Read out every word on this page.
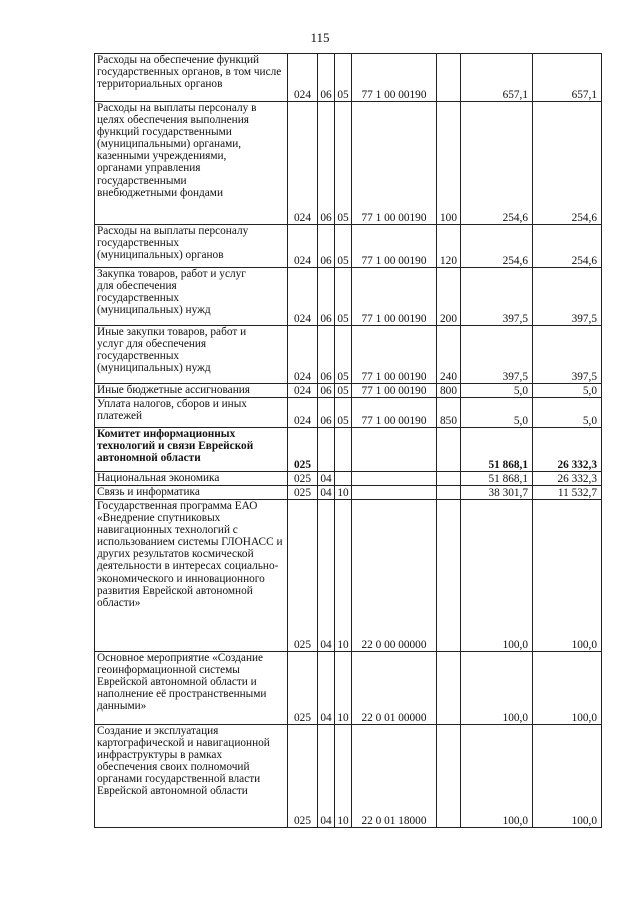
115
Расходы на обеспечение функций государственных органов, в том числе территориальных органов	024	06	05	77 1 00 00190		657,1	657,1

Расходы на выплаты персоналу в целях обеспечения выполнения функций государственными (муниципальными) органами, казенными учреждениями, органами управления государственными внебюджетными фондами	024	06	05	77 1 00 00190	100	254,6	254,6

Расходы на выплаты персоналу государственных (муниципальных) органов	024	06	05	77 1 00 00190	120	254,6	254,6

Закупка товаров, работ и услуг для обеспечения государственных (муниципальных) нужд	024	06	05	77 1 00 00190	200	397,5	397,5

Иные закупки товаров, работ и услуг для обеспечения государственных (муниципальных) нужд	024	06	05	77 1 00 00190	240	397,5	397,5

Иные бюджетные ассигнования	024	06	05	77 1 00 00190	800	5,0	5,0

Уплата налогов, сборов и иных платежей	024	06	05	77 1 00 00190	850	5,0	5,0

Комитет информационных технологий и связи Еврейской автономной области	025					51 868,1	26 332,3

Национальная экономика	025	04				51 868,1	26 332,3

Связь и информатика	025	04	10			38 301,7	11 532,7

Государственная программа ЕАО «Внедрение спутниковых навигационных технологий с использованием системы ГЛОНАСС и других результатов космической деятельности в интересах социально-экономического и инновационного развития Еврейской автономной области»	025	04	10	22 0 00 00000		100,0	100,0

Основное мероприятие «Создание геоинформационной системы Еврейской автономной области и наполнение её пространственными данными»	025	04	10	22 0 01 00000		100,0	100,0

Создание и эксплуатация картографической и навигационной инфраструктуры в рамках обеспечения своих полномочий органами государственной власти Еврейской автономной области	025	04	10	22 0 01 18000		100,0	100,0
